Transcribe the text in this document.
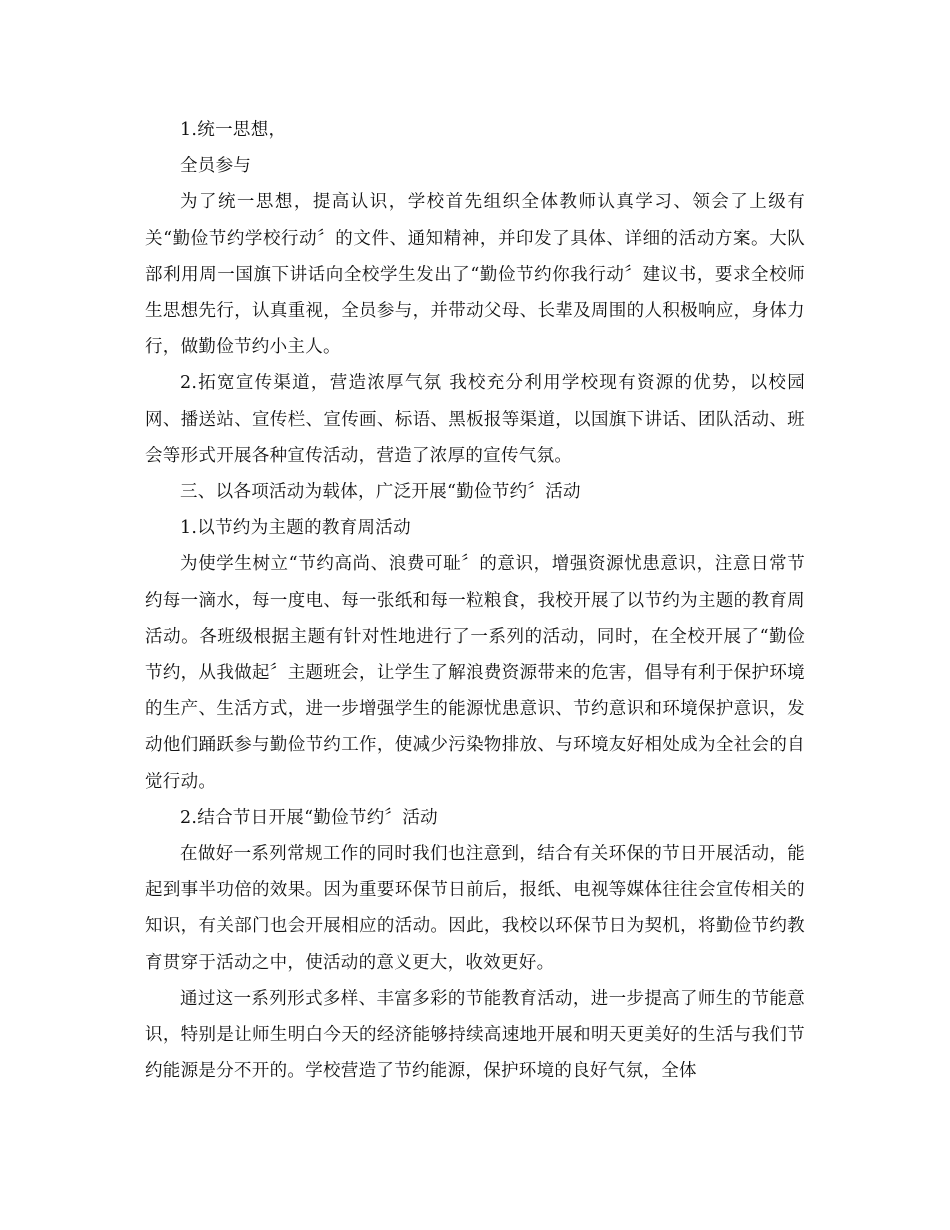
1.统一思想，

全员参与

为了统一思想，提高认识，学校首先组织全体教师认真学习、领会了上级有关“勤俭节约学校行动〞的文件、通知精神，并印发了具体、详细的活动方案。大队部利用周一国旗下讲话向全校学生发出了“勤俭节约你我行动〞建议书，要求全校师生思想先行，认真重视，全员参与，并带动父母、长辈及周围的人积极响应，身体力行，做勤俭节约小主人。

2.拓宽宣传渠道，营造浓厚气氛 我校充分利用学校现有资源的优势，以校园网、播送站、宣传栏、宣传画、标语、黑板报等渠道，以国旗下讲话、团队活动、班会等形式开展各种宣传活动，营造了浓厚的宣传气氛。

三、以各项活动为载体，广泛开展“勤俭节约〞活动

1.以节约为主题的教育周活动

为使学生树立“节约高尚、浪费可耻〞的意识，增强资源忧患意识，注意日常节约每一滴水，每一度电、每一张纸和每一粒粮食，我校开展了以节约为主题的教育周活动。各班级根据主题有针对性地进行了一系列的活动，同时，在全校开展了“勤俭节约，从我做起〞主题班会，让学生了解浪费资源带来的危害，倡导有利于保护环境的生产、生活方式，进一步增强学生的能源忧患意识、节约意识和环境保护意识，发动他们踊跃参与勤俭节约工作，使减少污染物排放、与环境友好相处成为全社会的自觉行动。

2.结合节日开展“勤俭节约〞活动

在做好一系列常规工作的同时我们也注意到，结合有关环保的节日开展活动，能起到事半功倍的效果。因为重要环保节日前后，报纸、电视等媒体往往会宣传相关的知识，有关部门也会开展相应的活动。因此，我校以环保节日为契机，将勤俭节约教育贯穿于活动之中，使活动的意义更大，收效更好。

通过这一系列形式多样、丰富多彩的节能教育活动，进一步提高了师生的节能意识，特别是让师生明白今天的经济能够持续高速地开展和明天更美好的生活与我们节约能源是分不开的。学校营造了节约能源，保护环境的良好气氛，全体
